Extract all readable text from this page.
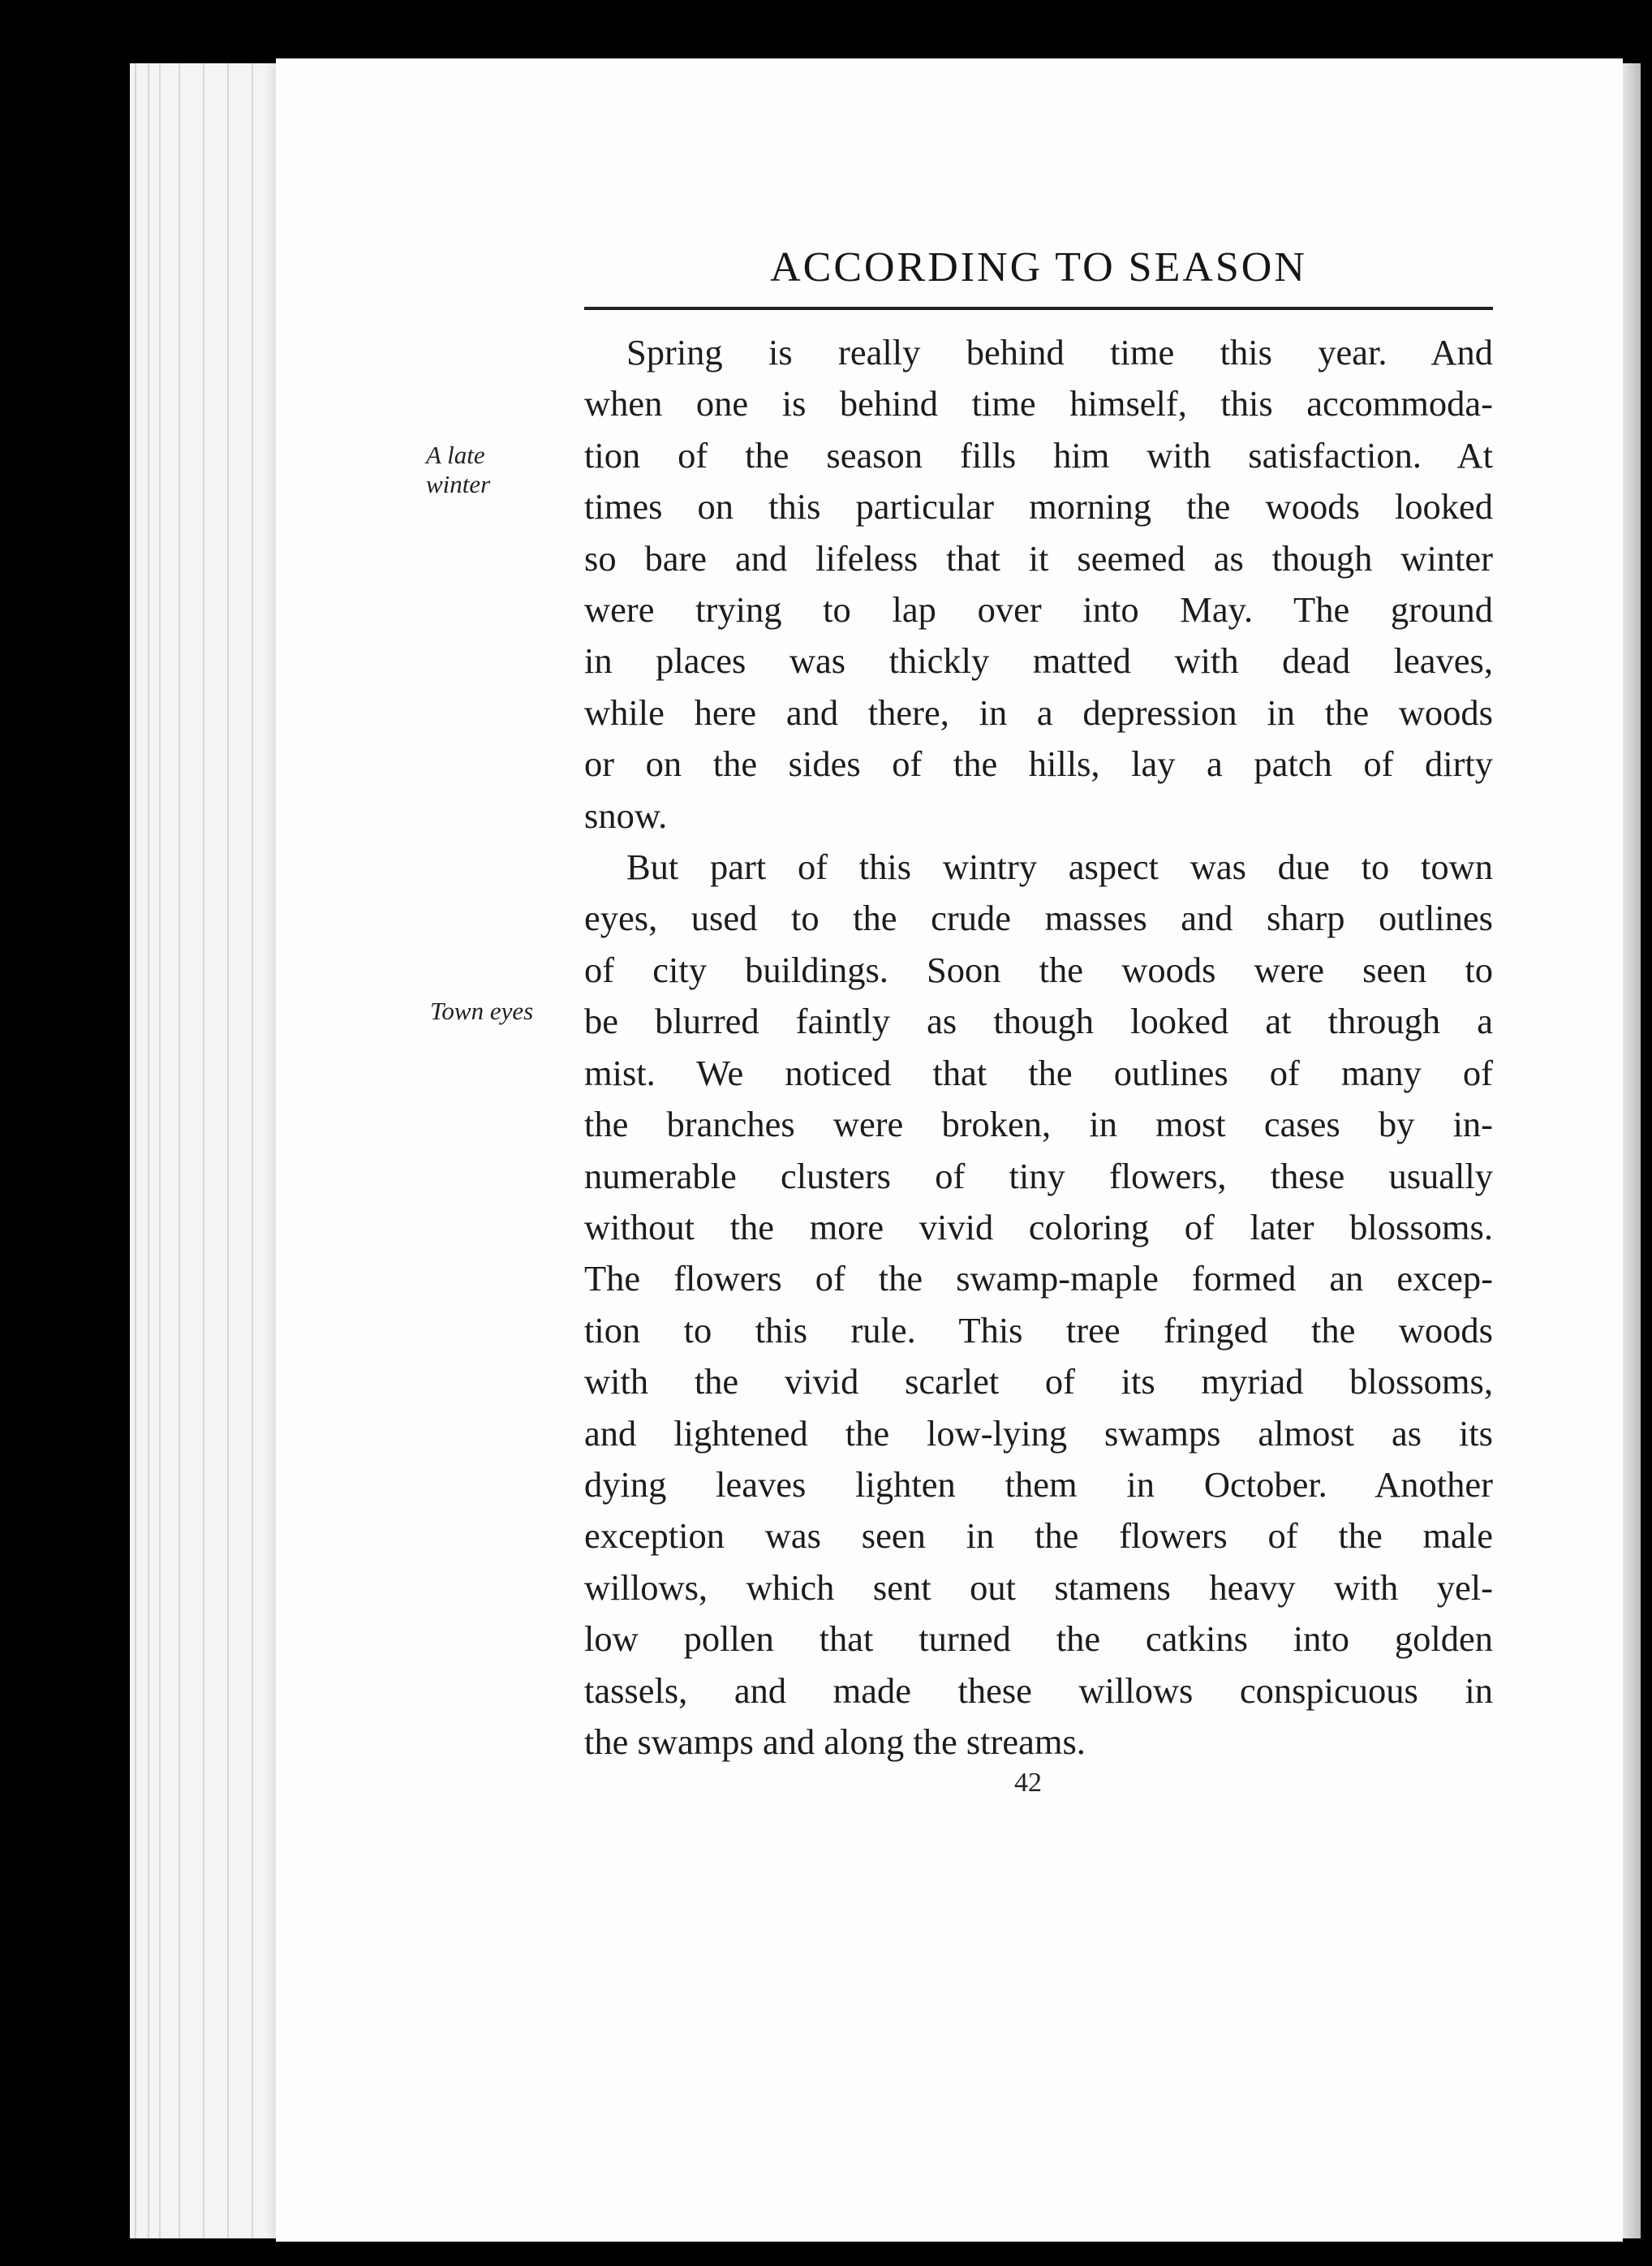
ACCORDING TO SEASON
A late
winter
Town eyes
Spring is really behind time this year. And
when one is behind time himself, this accommoda-
tion of the season fills him with satisfaction. At
times on this particular morning the woods looked
so bare and lifeless that it seemed as though winter
were trying to lap over into May. The ground
in places was thickly matted with dead leaves,
while here and there, in a depression in the woods
or on the sides of the hills, lay a patch of dirty
snow.
But part of this wintry aspect was due to town
eyes, used to the crude masses and sharp outlines
of city buildings. Soon the woods were seen to
be blurred faintly as though looked at through a
mist. We noticed that the outlines of many of
the branches were broken, in most cases by in-
numerable clusters of tiny flowers, these usually
without the more vivid coloring of later blossoms.
The flowers of the swamp-maple formed an excep-
tion to this rule. This tree fringed the woods
with the vivid scarlet of its myriad blossoms,
and lightened the low-lying swamps almost as its
dying leaves lighten them in October. Another
exception was seen in the flowers of the male
willows, which sent out stamens heavy with yel-
low pollen that turned the catkins into golden
tassels, and made these willows conspicuous in
the swamps and along the streams.
42
